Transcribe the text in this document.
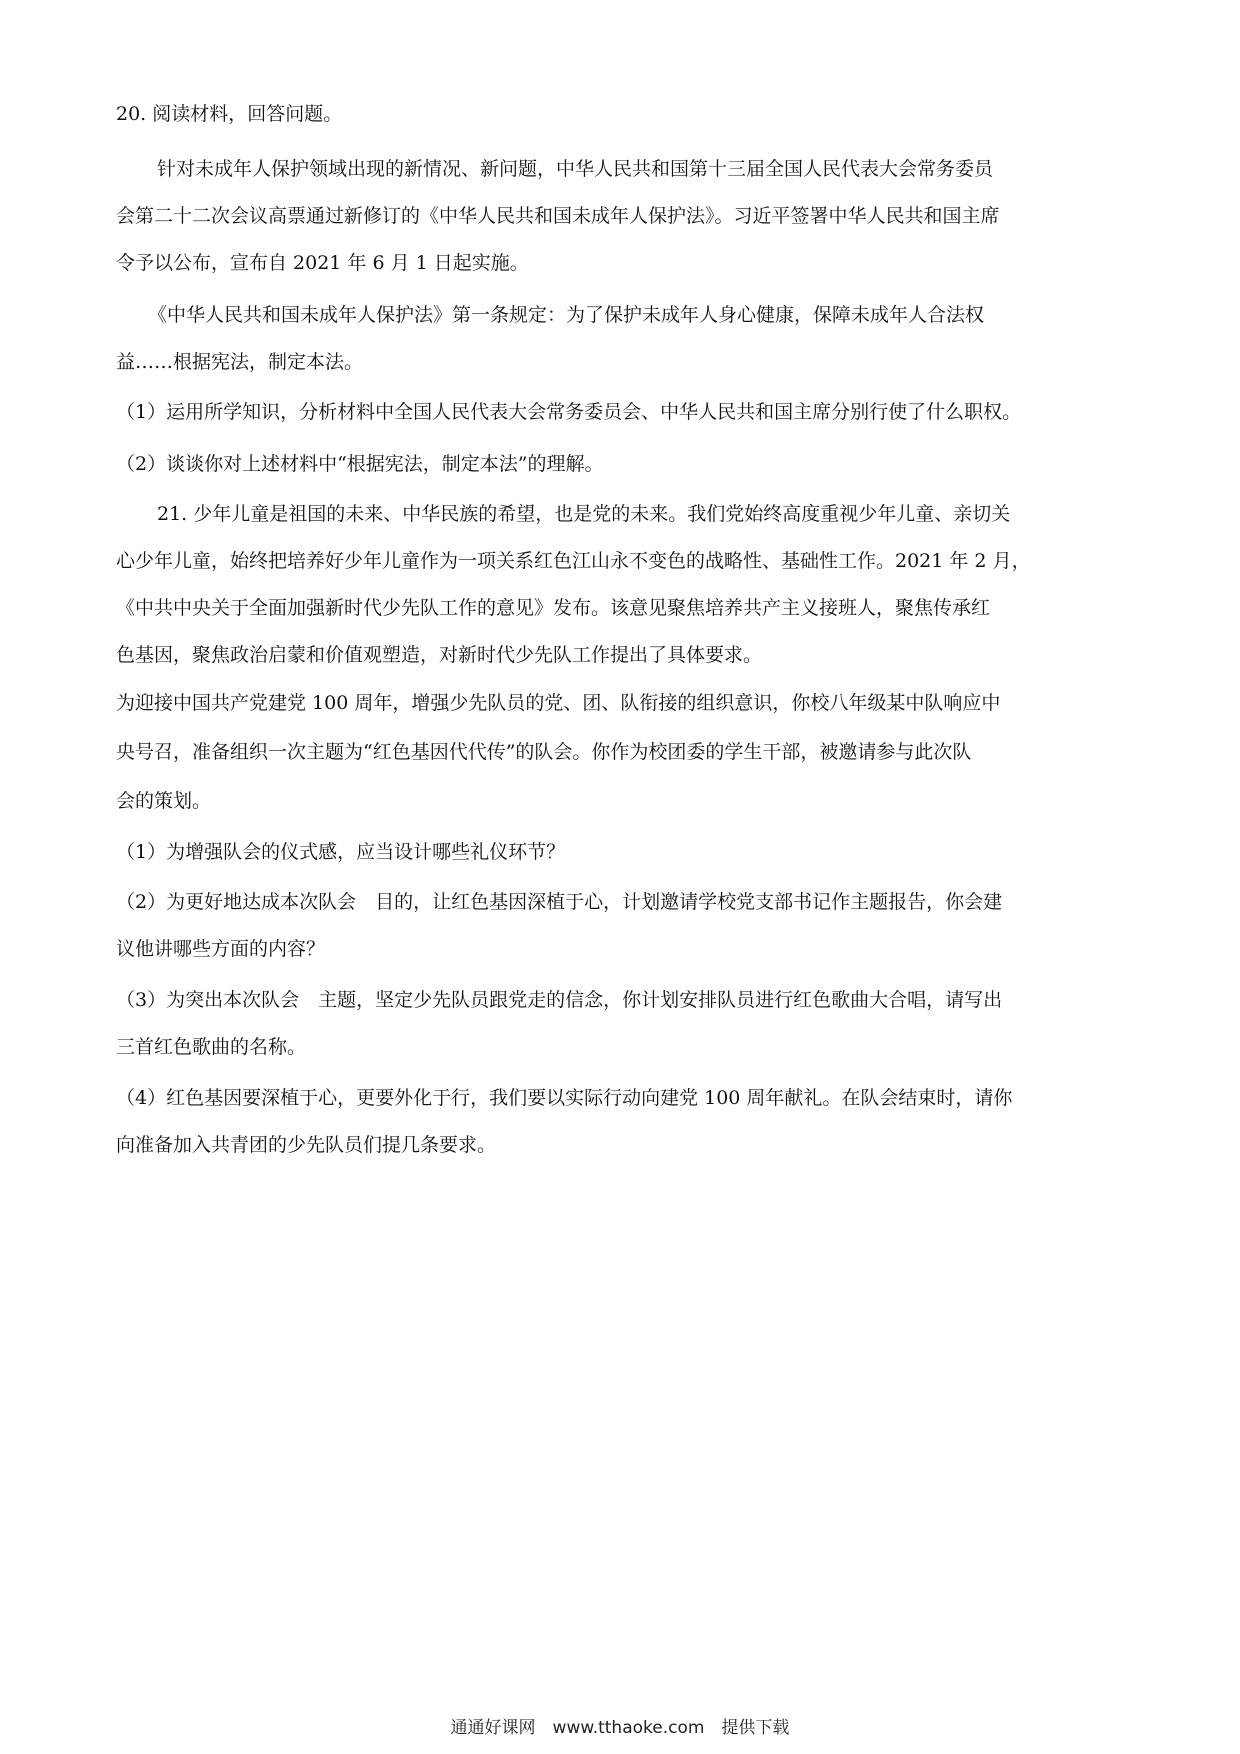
20. 阅读材料，回答问题。
针对未成年人保护领域出现的新情况、新问题，中华人民共和国第十三届全国人民代表大会常务委员
会第二十二次会议高票通过新修订的《中华人民共和国未成年人保护法》。习近平签署中华人民共和国主席
令予以公布，宣布自 2021 年 6 月 1 日起实施。
《中华人民共和国未成年人保护法》第一条规定：为了保护未成年人身心健康，保障未成年人合法权
益……根据宪法，制定本法。
（1）运用所学知识，分析材料中全国人民代表大会常务委员会、中华人民共和国主席分别行使了什么职权。
（2）谈谈你对上述材料中“根据宪法，制定本法”的理解。
21. 少年儿童是祖国的未来、中华民族的希望，也是党的未来。我们党始终高度重视少年儿童、亲切关
心少年儿童，始终把培养好少年儿童作为一项关系红色江山永不变色的战略性、基础性工作。2021 年 2 月，
《中共中央关于全面加强新时代少先队工作的意见》发布。该意见聚焦培养共产主义接班人，聚焦传承红
色基因，聚焦政治启蒙和价值观塑造，对新时代少先队工作提出了具体要求。
为迎接中国共产党建党 100 周年，增强少先队员的党、团、队衔接的组织意识，你校八年级某中队响应中
央号召，准备组织一次主题为“红色基因代代传”的队会。你作为校团委的学生干部，被邀请参与此次队
会的策划。
（1）为增强队会的仪式感，应当设计哪些礼仪环节？
（2）为更好地达成本次队会　目的，让红色基因深植于心，计划邀请学校党支部书记作主题报告，你会建
议他讲哪些方面的内容？
（3）为突出本次队会　主题，坚定少先队员跟党走的信念，你计划安排队员进行红色歌曲大合唱，请写出
三首红色歌曲的名称。
（4）红色基因要深植于心，更要外化于行，我们要以实际行动向建党 100 周年献礼。在队会结束时，请你
向准备加入共青团的少先队员们提几条要求。
通通好课网　www.tthaoke.com　提供下载
